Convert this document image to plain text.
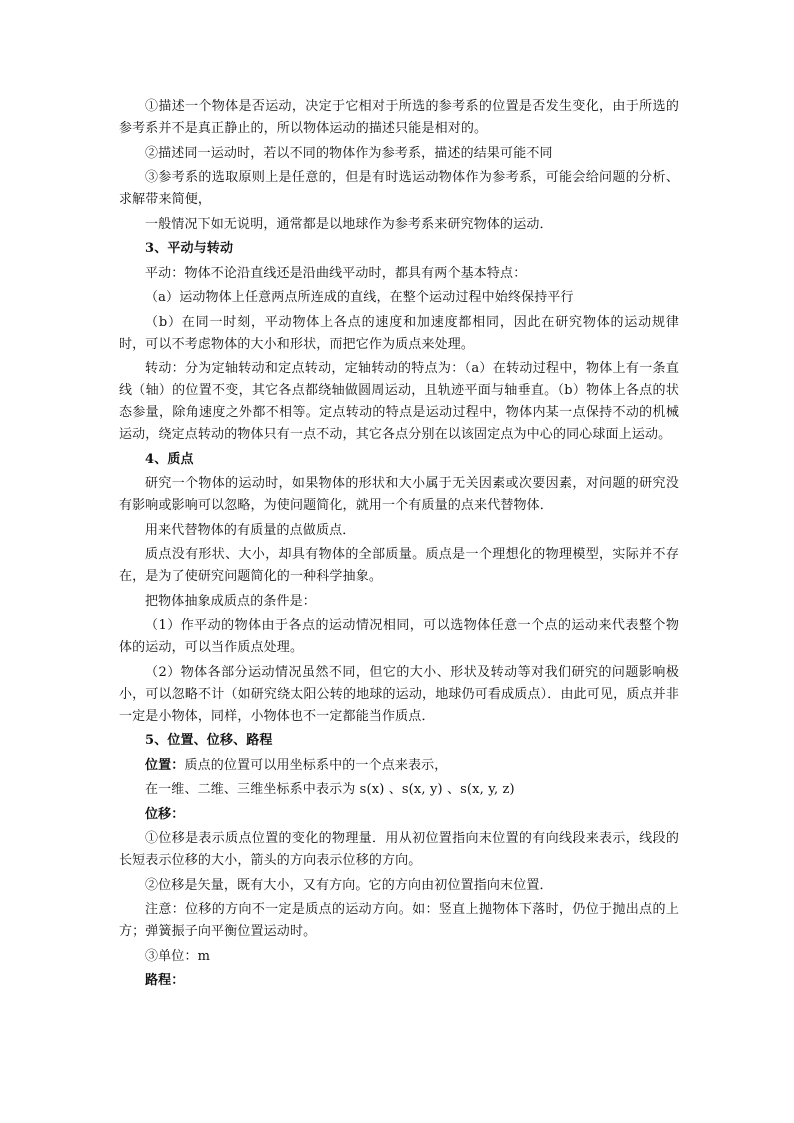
①描述一个物体是否运动，决定于它相对于所选的参考系的位置是否发生变化，由于所选的参考系并不是真正静止的，所以物体运动的描述只能是相对的。

②描述同一运动时，若以不同的物体作为参考系，描述的结果可能不同

③参考系的选取原则上是任意的，但是有时选运动物体作为参考系，可能会给问题的分析、求解带来简便，

一般情况下如无说明，通常都是以地球作为参考系来研究物体的运动．

3、平动与转动

平动：物体不论沿直线还是沿曲线平动时，都具有两个基本特点：

（a）运动物体上任意两点所连成的直线，在整个运动过程中始终保持平行

（b）在同一时刻，平动物体上各点的速度和加速度都相同，因此在研究物体的运动规律时，可以不考虑物体的大小和形状，而把它作为质点来处理。

转动：分为定轴转动和定点转动，定轴转动的特点为：（a）在转动过程中，物体上有一条直线（轴）的位置不变，其它各点都绕轴做圆周运动，且轨迹平面与轴垂直。（b）物体上各点的状态参量，除角速度之外都不相等。定点转动的特点是运动过程中，物体内某一点保持不动的机械运动，绕定点转动的物体只有一点不动，其它各点分别在以该固定点为中心的同心球面上运动。

4、质点

研究一个物体的运动时，如果物体的形状和大小属于无关因素或次要因素，对问题的研究没有影响或影响可以忽略，为使问题简化，就用一个有质量的点来代替物体．

用来代替物体的有质量的点做质点．

质点没有形状、大小，却具有物体的全部质量。质点是一个理想化的物理模型，实际并不存在，是为了使研究问题简化的一种科学抽象。

把物体抽象成质点的条件是：

（1）作平动的物体由于各点的运动情况相同，可以选物体任意一个点的运动来代表整个物体的运动，可以当作质点处理。

（2）物体各部分运动情况虽然不同，但它的大小、形状及转动等对我们研究的问题影响极小，可以忽略不计（如研究绕太阳公转的地球的运动，地球仍可看成质点）．由此可见，质点并非一定是小物体，同样，小物体也不一定都能当作质点．

5、位置、位移、路程

位置：质点的位置可以用坐标系中的一个点来表示，

在一维、二维、三维坐标系中表示为 s(x) 、s(x, y) 、s(x, y, z)

位移：

①位移是表示质点位置的变化的物理量．用从初位置指向末位置的有向线段来表示，线段的长短表示位移的大小，箭头的方向表示位移的方向。

②位移是矢量，既有大小，又有方向。它的方向由初位置指向末位置．

注意：位移的方向不一定是质点的运动方向。如：竖直上抛物体下落时，仍位于抛出点的上方；弹簧振子向平衡位置运动时。

③单位：m

路程：
